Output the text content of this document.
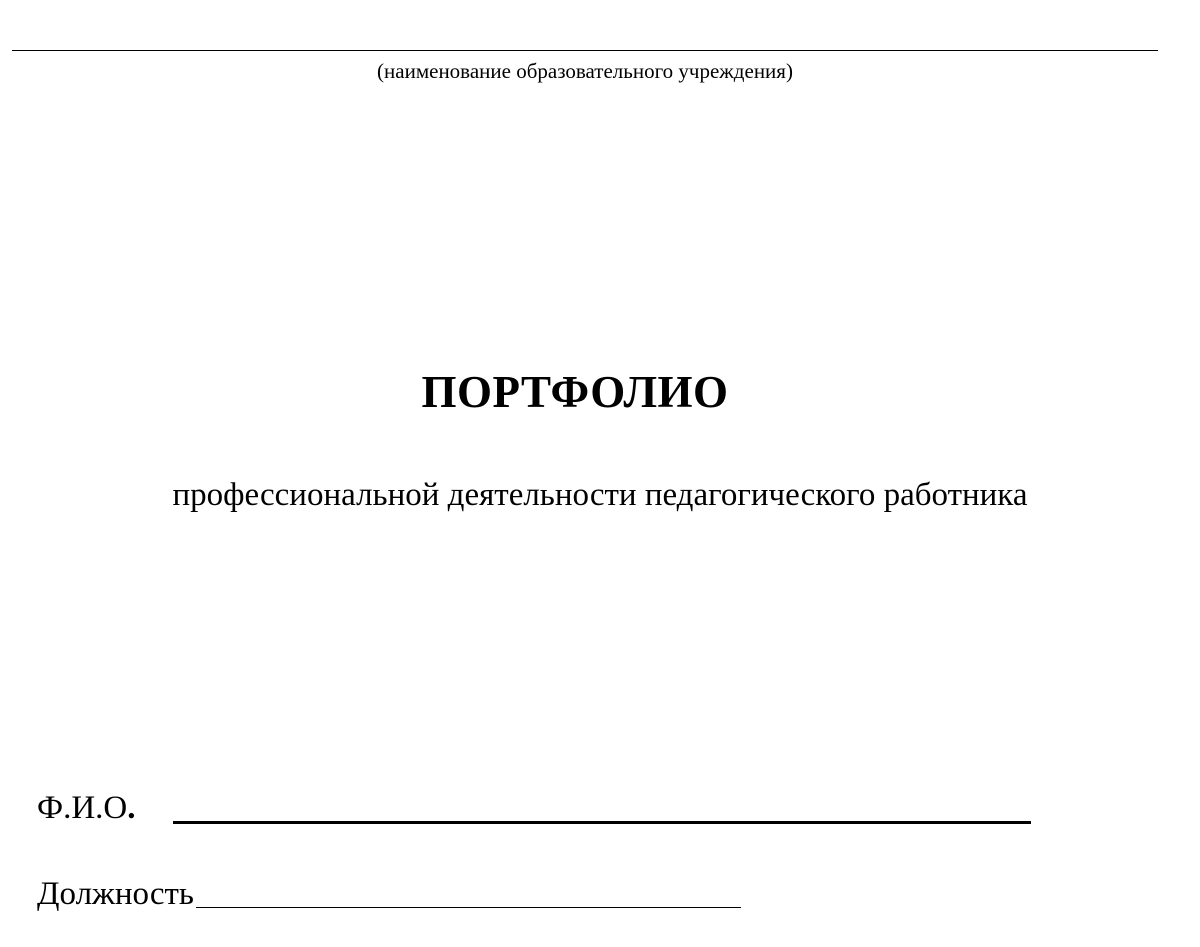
(наименование образовательного учреждения)
ПОРТФОЛИО
профессиональной деятельности педагогического работника
Ф.И.О.
Должность
